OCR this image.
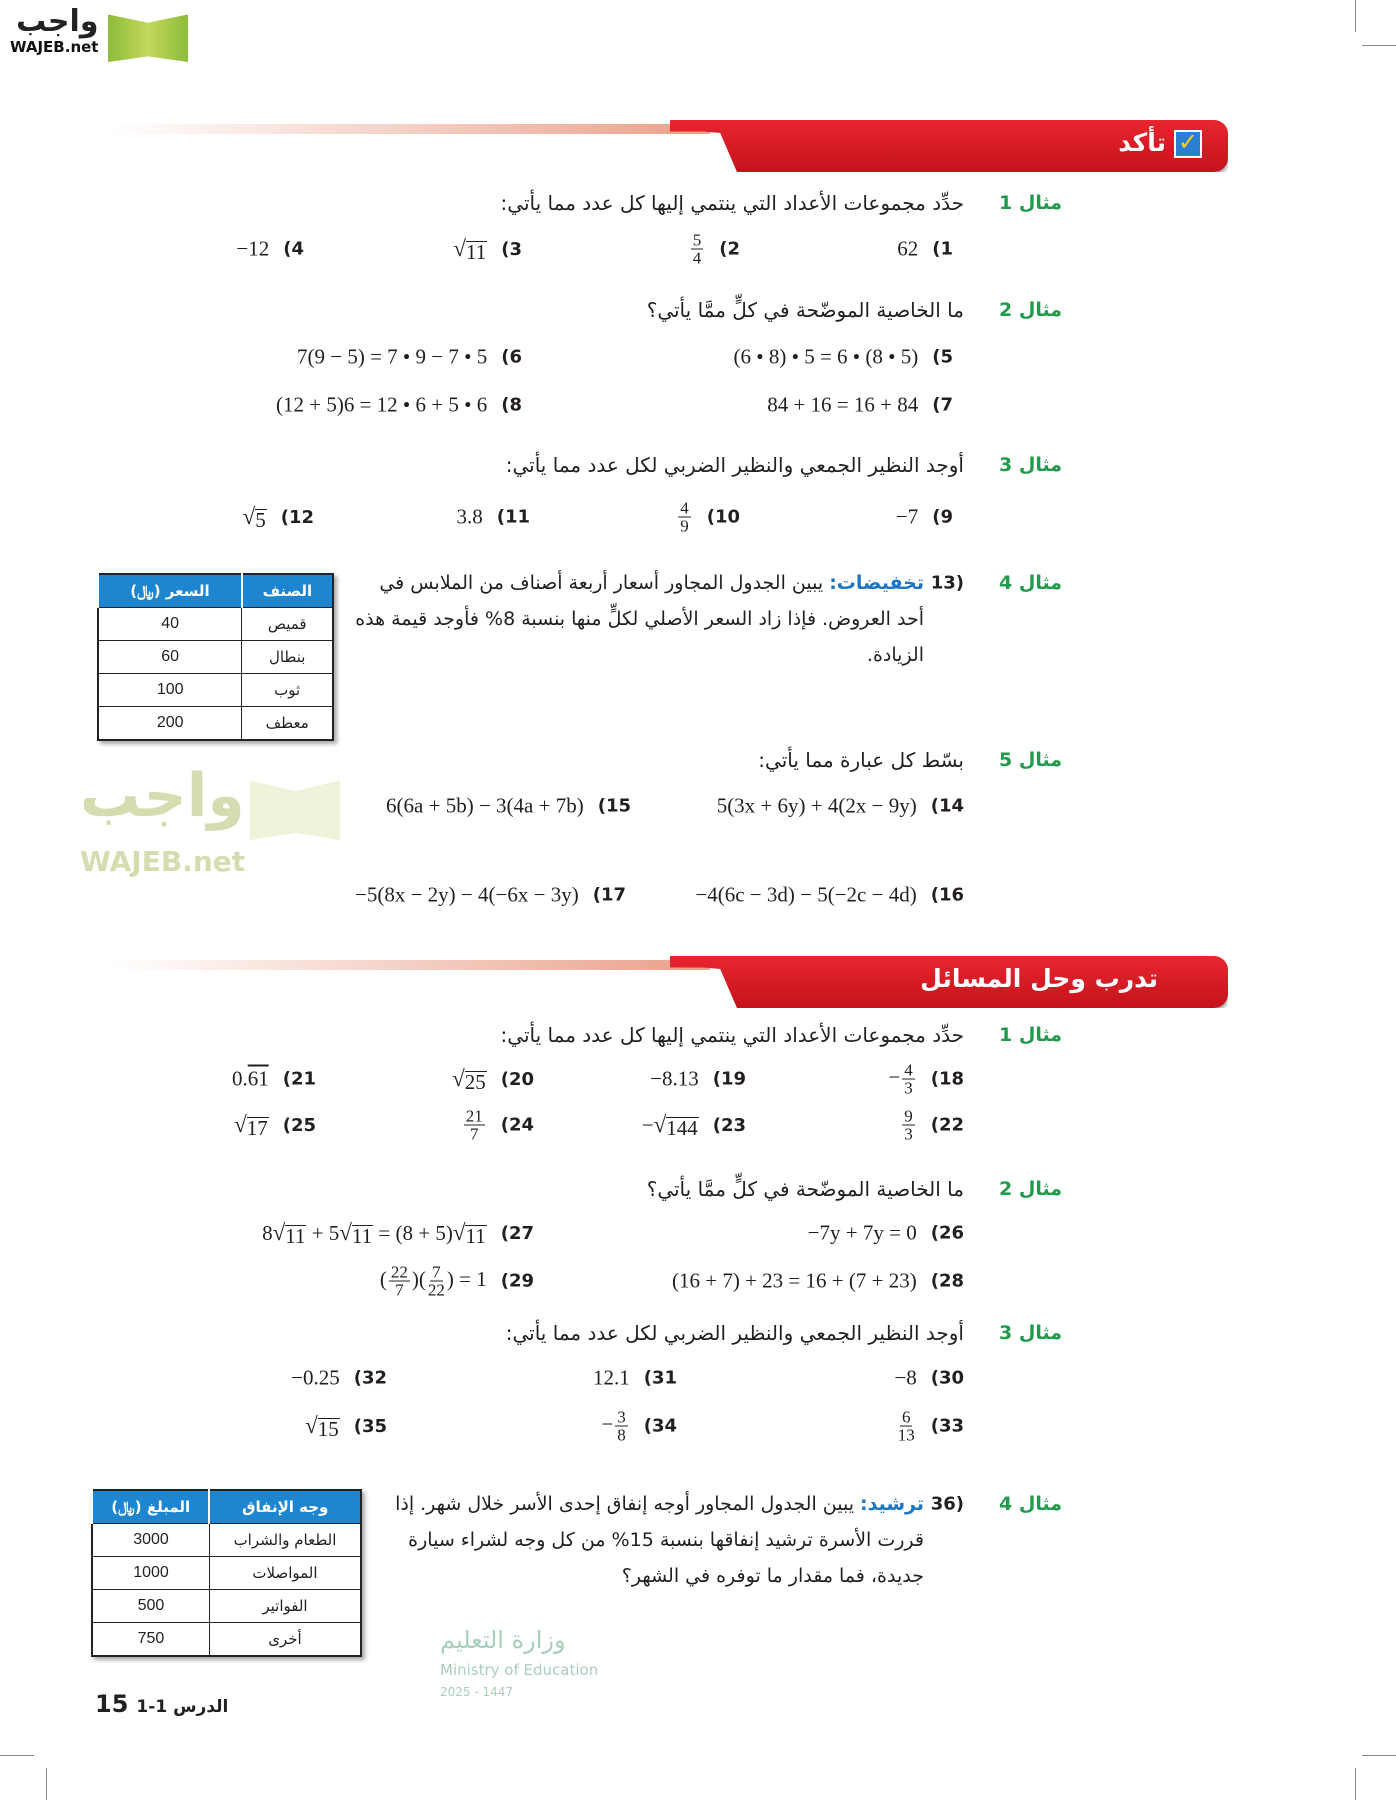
واجب
WAJEB.net
واجب
WAJEB.net
✓
تأكد
مثال 1
حدِّد مجموعات الأعداد التي ينتمي إليها كل عدد مما يأتي:
62	( 1
$\frac{5}{4}$	( 2
√ 11	( 3
−12	( 4
مثال 2
ما الخاصية الموضّحة في كلٍّ ممَّا يأتي؟
(6 • 8) • 5 = 6 • (8 • 5)	( 5
7(9 − 5) = 7 • 9 − 7 • 5	( 6
84 + 16 = 16 + 84	( 7
(12 + 5)6 = 12 • 6 + 5 • 6	( 8
مثال 3
أوجد النظير الجمعي والنظير الضربي لكل عدد مما يأتي:
−7	( 9
$\frac{4}{9}$	( 10
3.8	( 11
√ 5	( 12
مثال 4
13)
تخفيضات: يبين الجدول المجاور أسعار أربعة أصناف من الملابس في أحد العروض. فإذا زاد السعر الأصلي لكلٍّ منها بنسبة 8% فأوجد قيمة هذه الزيادة.
الصنف	السعر (﷼)
قميص	40
بنطال	60
ثوب	100
معطف	200
مثال 5
بسّط كل عبارة مما يأتي:
5(3x + 6y) + 4(2x − 9y)	( 14
6(6a + 5b) − 3(4a + 7b)	( 15
−4(6c − 3d) − 5(−2c − 4d)	( 16
−5(8x − 2y) − 4(−6x − 3y)	( 17
تدرب وحل المسائل
مثال 1
حدِّد مجموعات الأعداد التي ينتمي إليها كل عدد مما يأتي:
− $\frac{4}{3}$	( 18
−8.13	( 19
√ 25	( 20
0.61	( 21
$\frac{9}{3}$	( 22
− √ 144	( 23
$\frac{21}{7}$	( 24
√ 17	( 25
مثال 2
ما الخاصية الموضّحة في كلٍّ ممَّا يأتي؟
−7y + 7y = 0	( 26
8 √ 11 + 5 √ 11 = (8 + 5) √ 11	( 27
(16 + 7) + 23 = 16 + (7 + 23)	( 28
( $\frac{22}{7}$ )( $\frac{7}{22}$ ) = 1	( 29
مثال 3
أوجد النظير الجمعي والنظير الضربي لكل عدد مما يأتي:
−8	( 30
12.1	( 31
−0.25	( 32
$\frac{6}{13}$	( 33
− $\frac{3}{8}$	( 34
√ 15	( 35
مثال 4
36)
ترشيد: يبين الجدول المجاور أوجه إنفاق إحدى الأسر خلال شهر. إذا قررت الأسرة ترشيد إنفاقها بنسبة 15% من كل وجه لشراء سيارة جديدة، فما مقدار ما توفره في الشهر؟
وجه الإنفاق	المبلغ (﷼)
الطعام والشراب	3000
المواصلات	1000
الفواتير	500
أخرى	750	وزارة التعليم
Ministry of Education
2025 - 1447
15 الدرس 1-1
